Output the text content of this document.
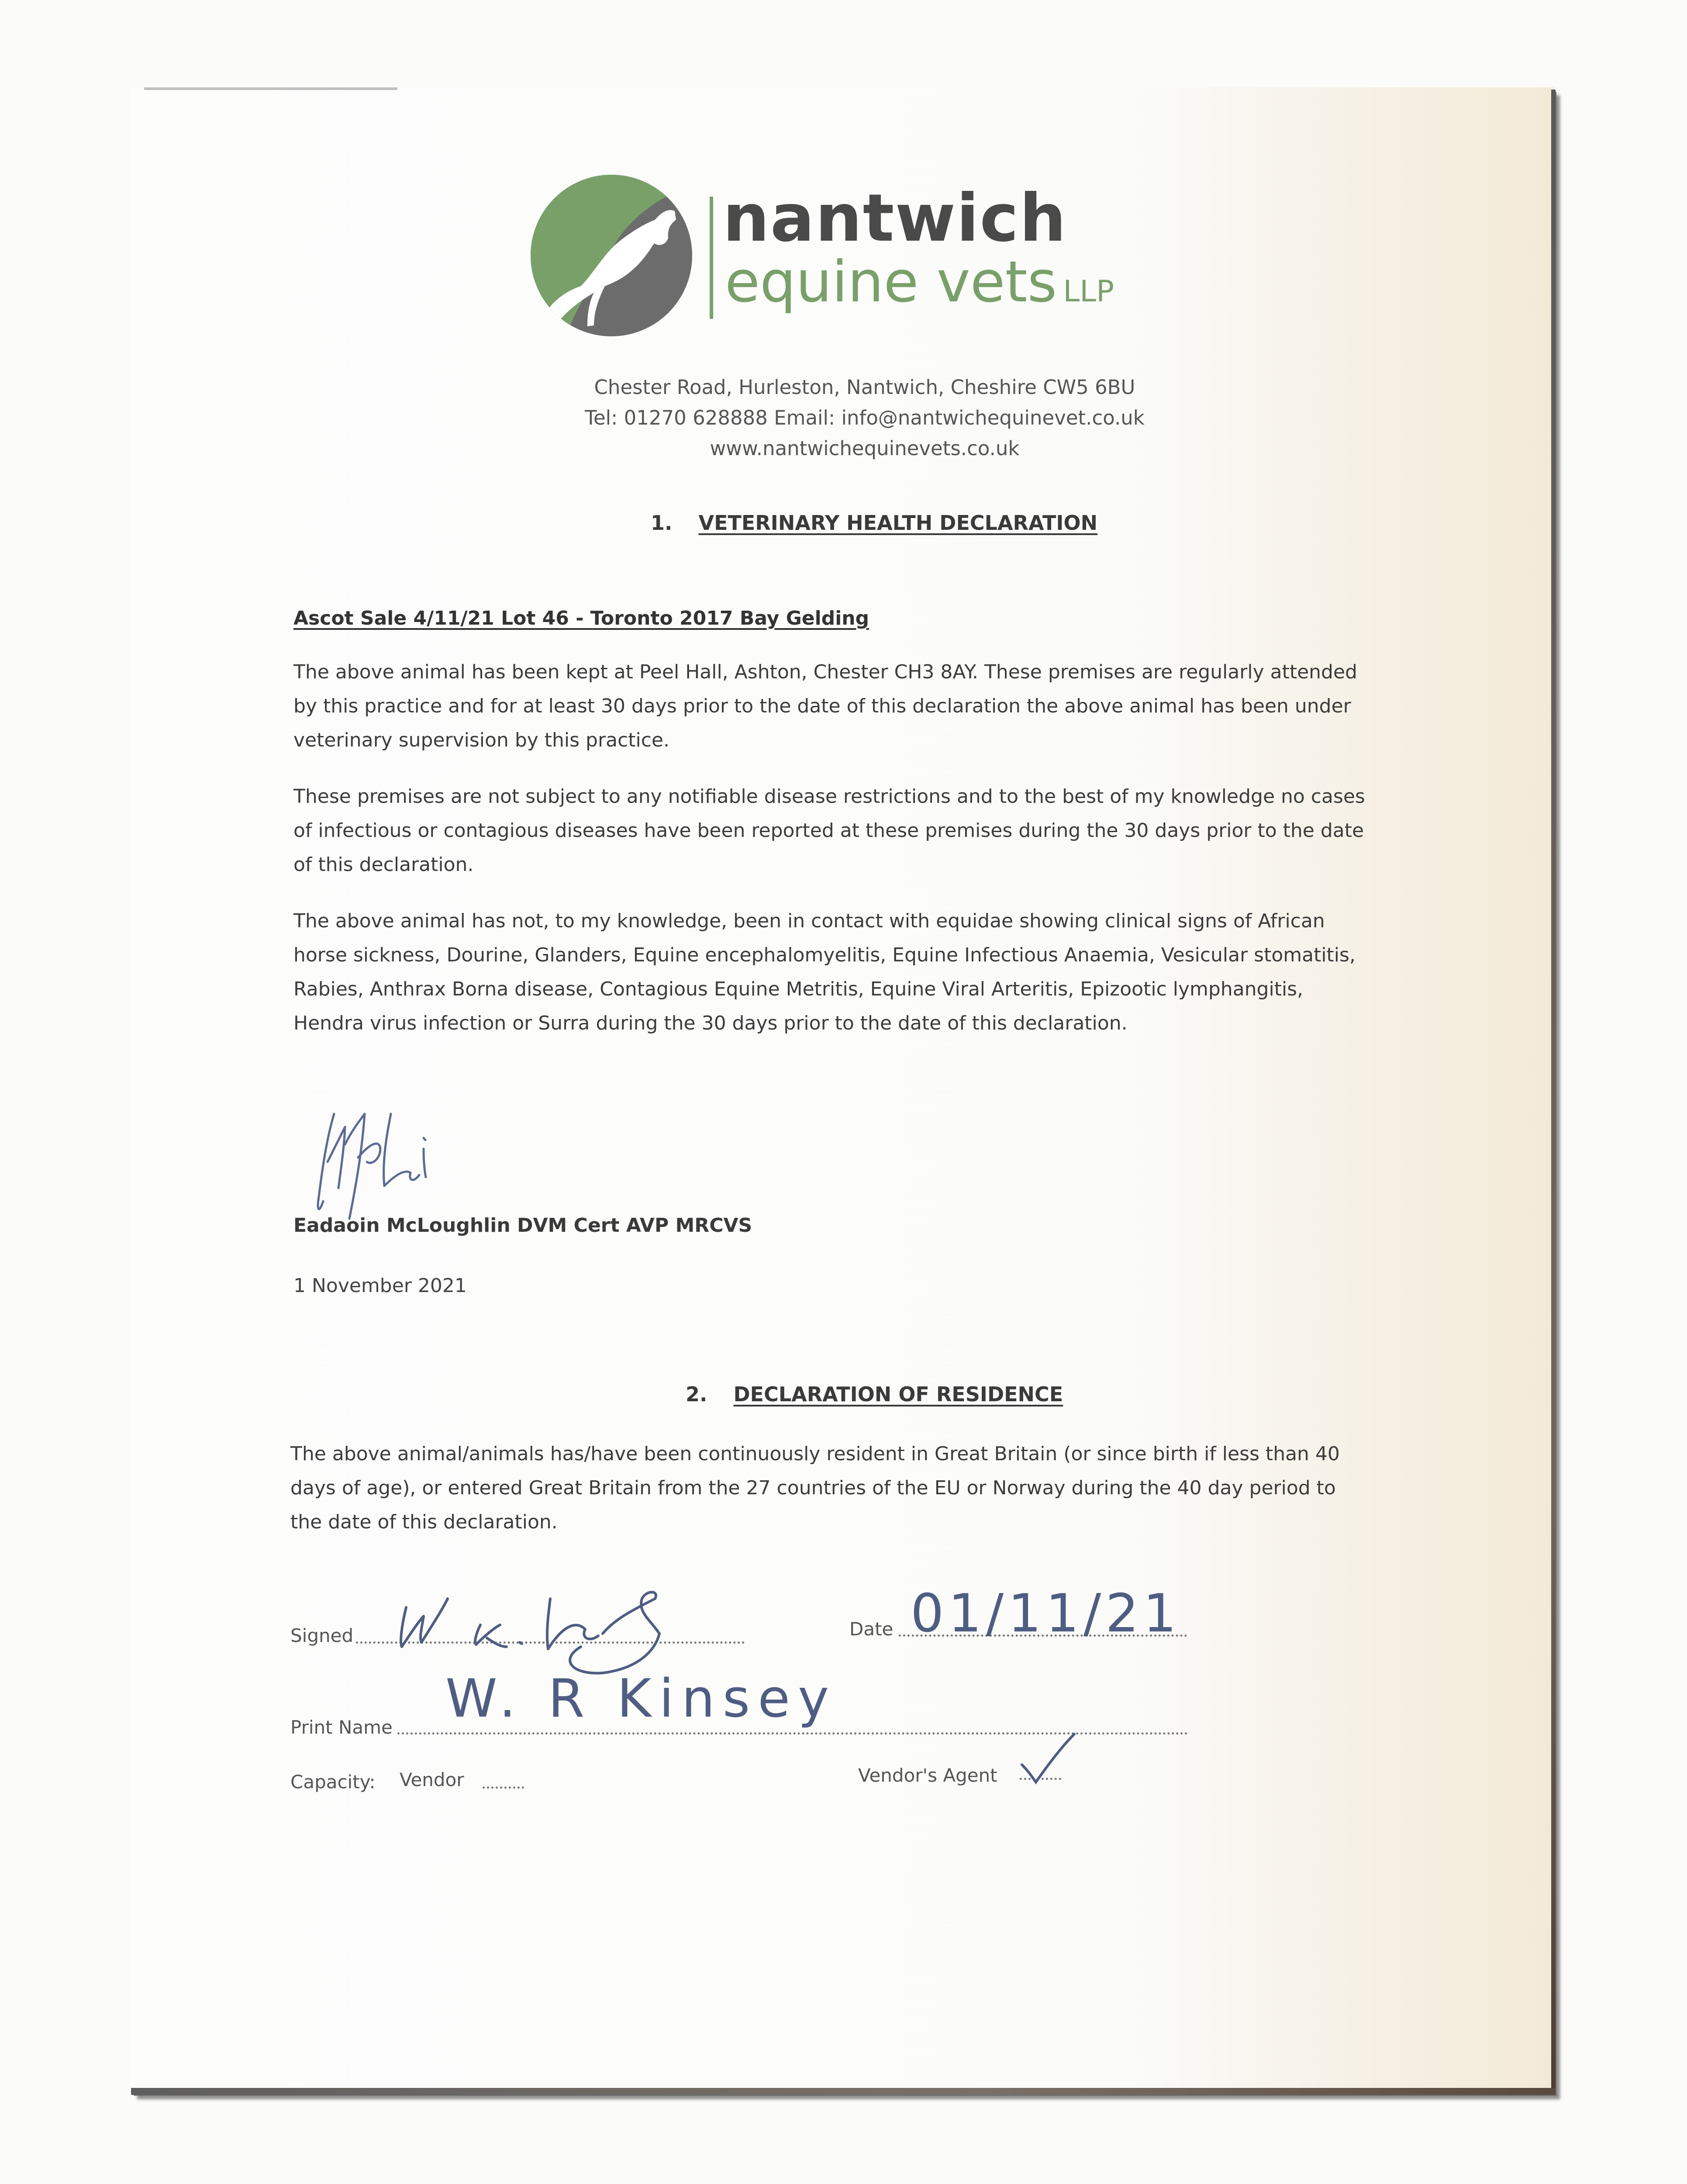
nantwich
equine vets LLP
Chester Road, Hurleston, Nantwich, Cheshire CW5 6BU
Tel: 01270 628888 Email: info@nantwichequinevet.co.uk
www.nantwichequinevets.co.uk
1. VETERINARY HEALTH DECLARATION
Ascot Sale 4/11/21 Lot 46 - Toronto 2017 Bay Gelding
The above animal has been kept at Peel Hall, Ashton, Chester CH3 8AY. These premises are regularly attended by this practice and for at least 30 days prior to the date of this declaration the above animal has been under veterinary supervision by this practice.
These premises are not subject to any notifiable disease restrictions and to the best of my knowledge no cases of infectious or contagious diseases have been reported at these premises during the 30 days prior to the date of this declaration.
The above animal has not, to my knowledge, been in contact with equidae showing clinical signs of African horse sickness, Dourine, Glanders, Equine encephalomyelitis, Equine Infectious Anaemia, Vesicular stomatitis, Rabies, Anthrax Borna disease, Contagious Equine Metritis, Equine Viral Arteritis, Epizootic lymphangitis, Hendra virus infection or Surra during the 30 days prior to the date of this declaration.
Eadaoin McLoughlin DVM Cert AVP MRCVS
1 November 2021
2. DECLARATION OF RESIDENCE
The above animal/animals has/have been continuously resident in Great Britain (or since birth if less than 40 days of age), or entered Great Britain from the 27 countries of the EU or Norway during the 40 day period to the date of this declaration.
Signed	Date 01/11/21
Print Name W. R Kinsey
Capacity: Vendor	Vendor's Agent
